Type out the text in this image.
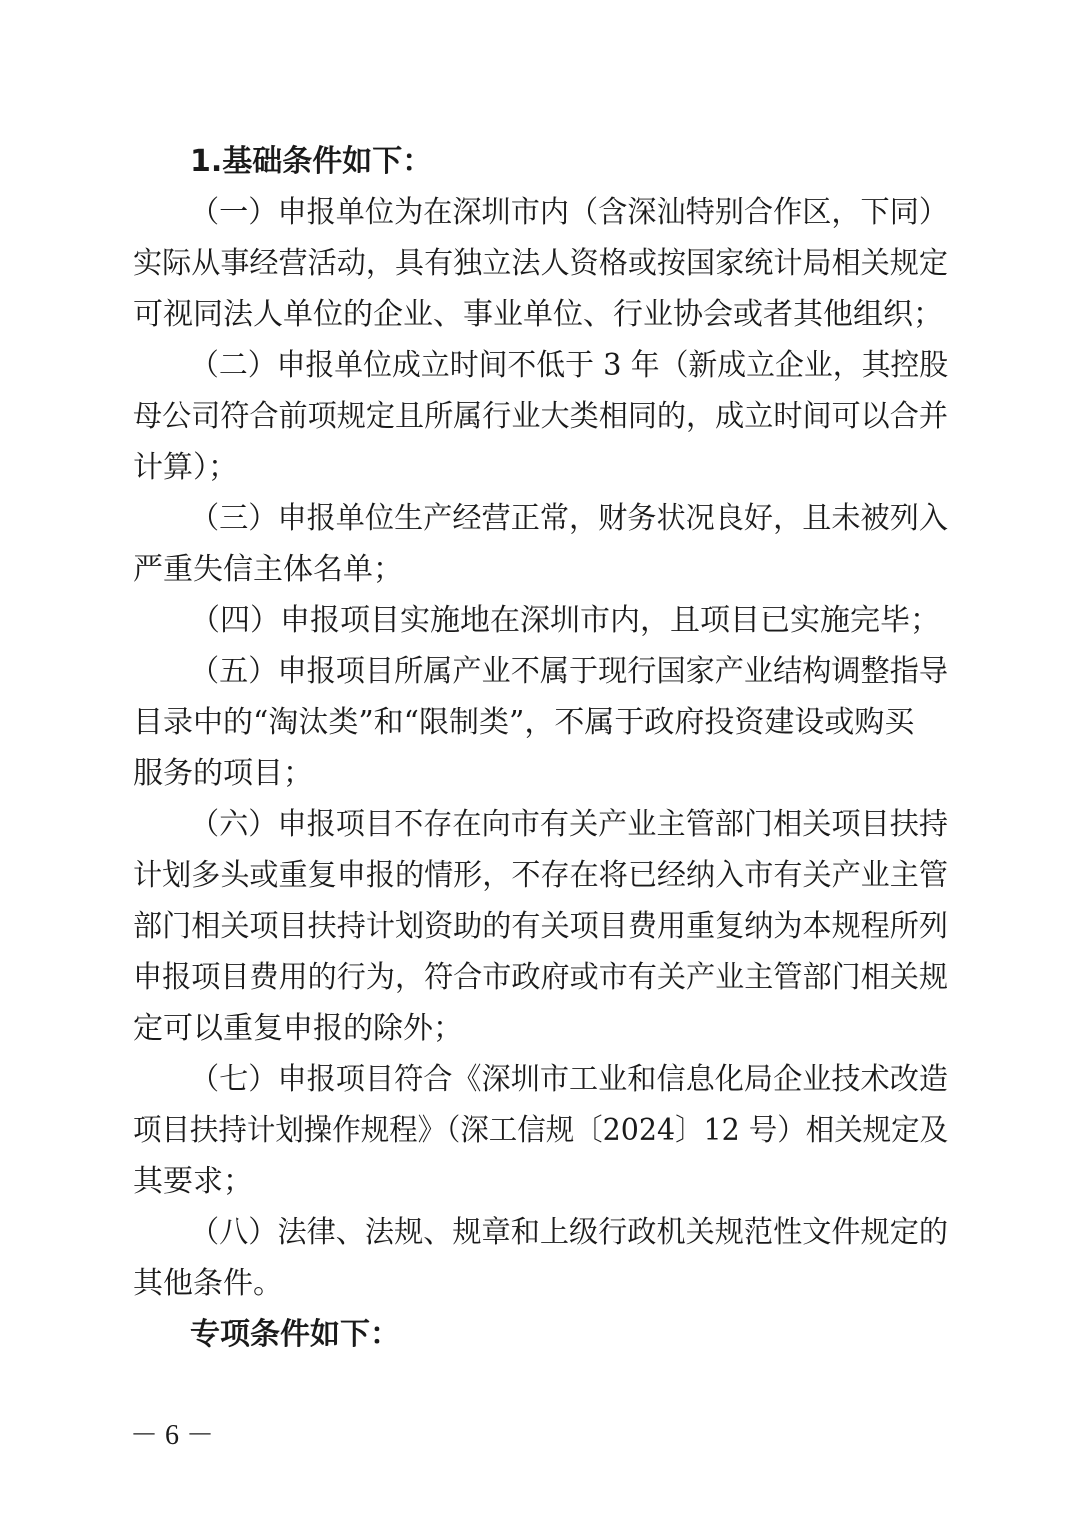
1.基础条件如下：
（一）申报单位为在深圳市内（含深汕特别合作区，下同）
实际从事经营活动，具有独立法人资格或按国家统计局相关规定
可视同法人单位的企业、事业单位、行业协会或者其他组织；
（二）申报单位成立时间不低于 3 年（新成立企业，其控股
母公司符合前项规定且所属行业大类相同的，成立时间可以合并
计算）；
（三）申报单位生产经营正常，财务状况良好，且未被列入
严重失信主体名单；
（四）申报项目实施地在深圳市内，且项目已实施完毕；
（五）申报项目所属产业不属于现行国家产业结构调整指导
目录中的“淘汰类”和“限制类”，不属于政府投资建设或购买
服务的项目；
（六）申报项目不存在向市有关产业主管部门相关项目扶持
计划多头或重复申报的情形，不存在将已经纳入市有关产业主管
部门相关项目扶持计划资助的有关项目费用重复纳为本规程所列
申报项目费用的行为，符合市政府或市有关产业主管部门相关规
定可以重复申报的除外；
（七）申报项目符合《深圳市工业和信息化局企业技术改造
项目扶持计划操作规程》（深工信规〔2024〕12 号）相关规定及
其要求；
（八）法律、法规、规章和上级行政机关规范性文件规定的
其他条件。
专项条件如下：
－ 6 －
